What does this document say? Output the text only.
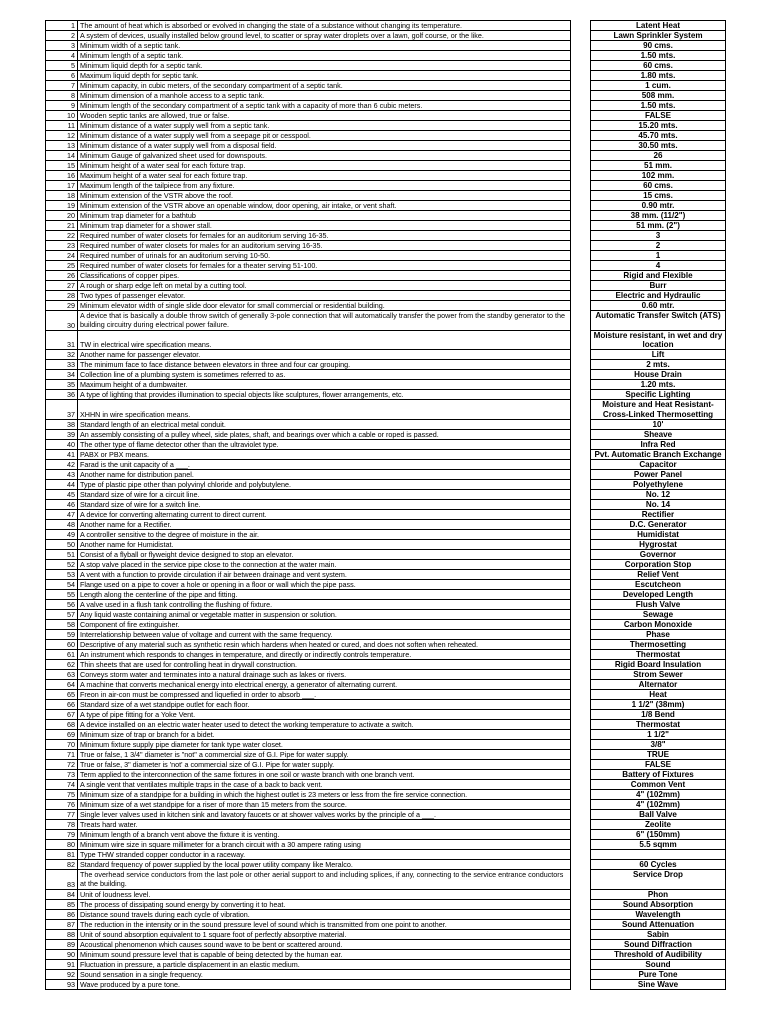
1	The amount of heat which is absorbed or evolved in changing the state of a substance without changing its temperature.		Latent Heat
2	A system of devices, usually installed below ground level, to scatter or spray water droplets over a lawn, golf course, or the like.		Lawn Sprinkler System
3	Minimum width of a septic tank.		90 cms.
4	Minimum length of a septic tank.		1.50 mts.
5	Minimum liquid depth for a septic tank.		60 cms.
6	Maximum liquid depth for septic tank.		1.80 mts.
7	Minimum capacity, in cubic meters, of the secondary compartment of a septic tank.		1 cum.
8	Minimum dimension of a manhole access to a septic tank.		508 mm.
9	Minimum length of the secondary compartment of a septic tank with a capacity of more than 6 cubic meters.		1.50 mts.
10	Wooden septic tanks are allowed, true or false.		FALSE
11	Minimum distance of a water supply well from a septic tank.		15.20 mts.
12	Minimum distance of a water supply well from a seepage pit or cesspool.		45.70 mts.
13	Minimum distance of a water supply well from a disposal field.		30.50 mts.
14	Minimum Gauge of galvanized sheet used for downspouts.		26
15	Minimum height of a water seal for each fixture trap.		51 mm.
16	Maximum height of a water seal for each fixture trap.		102 mm.
17	Maximum length of the tailpiece from any fixture.		60 cms.
18	Minimum extension of the VSTR above the roof.		15 cms.
19	Minimum extension of the VSTR above an openable window, door opening, air intake, or vent shaft.		0.90 mtr.
20	Minimum trap diameter for a bathtub		38 mm. (11/2")
21	Minimum trap diameter for a shower stall.		51 mm. (2")
22	Required number of water closets for females for an auditorium serving 16-35.		3
23	Required number of water closets for males for an auditorium serving 16-35.		2
24	Required number of urinals for an auditorium serving 10-50.		1
25	Required number of water closets for females for a theater serving 51-100.		4
26	Classifications of copper pipes.		Rigid and Flexible
27	A rough or sharp edge left on metal by a cutting tool.		Burr
28	Two types of passenger elevator.		Electric and Hydraulic
29	Minimum elevator width of single slide door elevator for small commercial or residential building.		0.60 mtr.
30	A device that is basically a double throw switch of generally 3-pole connection that will automatically transfer the power from the standby generator to the building circuitry during electrical power failure.		Automatic Transfer Switch (ATS)
31	TW in electrical wire specification means.		Moisture resistant, in wet and dry location
32	Another name for passenger elevator.		Lift
33	The minimum face to face distance between elevators in three and four car grouping.		2 mts.
34	Collection line of a plumbing system is sometimes referred to as.		House Drain
35	Maximum height of a dumbwaiter.		1.20 mts.
36	A type of lighting that provides illumination to special objects like sculptures, flower arrangements, etc.		Specific Lighting
37	XHHN in wire specification means.		Moisture and Heat Resistant- Cross-Linked Thermosetting
38	Standard length of an electrical metal conduit.		10'
39	An assembly consisting of a pulley wheel, side plates, shaft, and bearings over which a cable or roped is passed.		Sheave
40	The other type of flame detector other than the ultraviolet type.		Infra Red
41	PABX or PBX means.		Pvt. Automatic Branch Exchange
42	Farad is the unit capacity of a ___.		Capacitor
43	Another name for distribution panel.		Power Panel
44	Type of plastic pipe other than polyvinyl chloride and polybutylene.		Polyethylene
45	Standard size of wire for a circuit line.		No. 12
46	Standard size of wire for a switch line.		No. 14
47	A device for converting alternating current to direct current.		Rectifier
48	Another name for a Rectifier.		D.C. Generator
49	A controller sensitive to the degree of moisture in the air.		Humidistat
50	Another name for Humidistat.		Hygrostat
51	Consist of a flyball or flyweight device designed to stop an elevator.		Governor
52	A stop valve placed in the service pipe close to the connection at the water main.		Corporation Stop
53	A vent with a function to provide circulation if air between drainage and vent system.		Relief Vent
54	Flange used on a pipe to cover a hole or opening in a floor or wall which the pipe pass.		Escutcheon
55	Length along the centerline of the pipe and fitting.		Developed Length
56	A valve used in a flush tank controlling the flushing of fixture.		Flush Valve
57	Any liquid waste containing animal or vegetable matter in suspension or solution.		Sewage
58	Component of fire extinguisher.		Carbon Monoxide
59	Interrelationship between value of voltage and current with the same frequency.		Phase
60	Descriptive of any material such as synthetic resin which hardens when heated or cured, and does not soften when reheated.		Thermosetting
61	An instrument which responds to changes in temperature, and directly or indirectly controls temperature.		Thermostat
62	Thin sheets that are used for controlling heat in drywall construction.		Rigid Board Insulation
63	Conveys storm water and terminates into a natural drainage such as lakes or rivers.		Strom Sewer
64	A machine that converts mechanical energy into electrical energy, a generator of alternating current.		Alternator
65	Freon in air-con must be compressed and liquefied in order to absorb ___.		Heat
66	Standard size of a wet standpipe outlet for each floor.		1 1/2" (38mm)
67	A type of pipe fitting for a Yoke Vent.		1/8 Bend
68	A device installed on an electric water heater used to detect the working temperature to activate a switch.		Thermostat
69	Minimum size of trap or branch for a bidet.		1 1/2"
70	Minimum fixture supply pipe diameter for tank type water closet.		3/8"
71	True or false, 1 3/4" diameter is "not" a commercial size of G.I. Pipe for water supply.		TRUE
72	True or false, 3" diameter is 'not' a commercial size of G.I. Pipe for water supply.		FALSE
73	Term applied to the interconnection of the same fixtures in one soil or waste branch with one branch vent.		Battery of Fixtures
74	A single vent that ventilates multiple traps in the case of a back to back vent.		Common Vent
75	Minimum size of a standpipe for a building in which the highest outlet is 23 meters or less from the fire service connection.		4" (102mm)
76	Minimum size of a wet standpipe for a riser of more than 15 meters from the source.		4" (102mm)
77	Single lever valves used in kitchen sink and lavatory faucets or at shower valves works by the principle of a ___.		Ball Valve
78	Treats hard water.		Zeolite
79	Minimum length of a branch vent above the fixture it is venting.		6" (150mm)
80	Minimum wire size in square millimeter for a branch circuit with a 30 ampere rating using		5.5 sqmm
81	Type THW stranded copper conductor in a raceway.		
82	Standard frequency of power supplied by the local power utility company like Meralco.		60 Cycles
83	The overhead service conductors from the last pole or other aerial support to and including splices, if any, connecting to the service entrance conductors at the building.		Service Drop
84	Unit of loudness level.		Phon
85	The process of dissipating sound energy by converting it to heat.		Sound Absorption
86	Distance sound travels during each cycle of vibration.		Wavelength
87	The reduction in the intensity or in the sound pressure level of sound which is transmitted from one point to another.		Sound Attenuation
88	Unit of sound absorption equivalent to 1 square foot of perfectly absorptive material.		Sabin
89	Acoustical phenomenon which causes sound wave to be bent or scattered around.		Sound Diffraction
90	Minimum sound pressure level that is capable of being detected by the human ear.		Threshold of Audibility
91	Fluctuation in pressure, a particle displacement in an elastic medium.		Sound
92	Sound sensation in a single frequency.		Pure Tone
93	Wave produced by a pure tone.		Sine Wave
